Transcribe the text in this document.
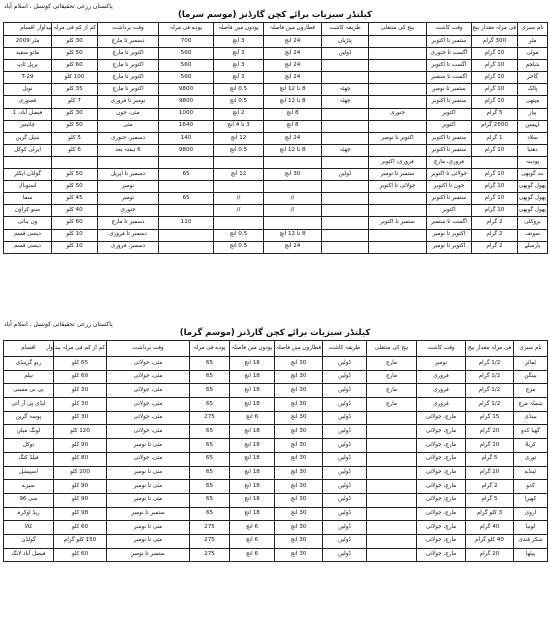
پاکستان زرعی تحقیقاتی کونسل ، اسلام آباد
کیلنڈر سبزیات برائے کچن گارڈنز (موسم سرما)
نام سبزی	فی مرلہ مقدار بیج	وقت کاشت	بیج کی منتقلی	طریقہ کاشت	قطاروں میں فاصلہ	پودوں میں فاصلہ	پودے فی مرلہ	وقت برداشت	کم از کم فی مرلہ پیداوار	اقسام
مٹر	300 گرام	ستمبر تا اکتوبر		پٹڑیاں	24 انچ	3 انچ	700	دسمبر تا مارچ	30 کلو	مٹر 2009
مولی	10 گرام	اگست تا جنوری		ڈولیں	24 انچ	3 انچ	560	اکتوبر تا مارچ	50 کلو	مانو سفید
شلجم	10 گرام	اگست تا اکتوبر			24 انچ	3 انچ	560	اکتوبر تا مارچ	60 کلو	پرپل ٹاپ
گاجر	10 گرام	اگست تا ستمبر			24 انچ	3 انچ	560	اکتوبر تا مارچ	100 کلو	T-29
پالک	10 گرام	ستمبر تا نومبر		چھٹہ	8 تا 12 انچ	0.5 انچ	9800	اکتوبر تا مارچ	35 کلو	نوبل
میتھی	10 گرام	ستمبر تا اکتوبر		چھٹہ	8 تا 12 انچ	0.5 انچ	9800	نومبر تا فروری	7 کلو	قصوری
پیاز	5 گرام	اکتوبر	جنوری		8 انچ	2 انچ	1000	مئی، جون	30 کلو	فیصل آباد، 1
لہسن	2500 گرام	اکتوبر			8 انچ	3 تا 4 انچ	1640	مئی	50 کلو	چائینیز
سلاد	1 گرام	ستمبر تا اکتوبر	اکتوبر تا نومبر		24 انچ	12 انچ	140	دسمبر، جنوری	5 کلو	شیل گرین
دھنیا	10 گرام	ستمبر تا اکتوبر		چھٹہ	8 تا 12 انچ	0.5 انچ	9800	6 ہفتہ بعد	6 کلو	ایرلی کوکل
پودینہ		فروری، مارچ	فروری، اکتوبر							
بند گوبھی	10 گرام	جولائی تا اکتوبر	ستمبر تا نومبر	ڈولیں	30 انچ	12 انچ	65	دسمبر تا اپریل	50 کلو	گولڈن ایکٹر
پھول گوبھی	10 گرام	جون تا اکتوبر	جولائی تا اکتوبر					نومبر	50 کلو	اسنوبال
پھول گوبھی	10 گرام	ستمبر تا اکتوبر			//	//	65	نومبر	45 کلو	سما
پھول گوبھی	10 گرام	اکتوبر			//	//		جنوری	40 کلو	سنو کراؤن
بروکلی	2 گرام	اگست تا ستمبر	ستمبر تا اکتوبر				110	دسمبر تا مارچ	60 کلو	ون ہائی
سونف	2 گرام	اکتوبر تا نومبر			8 تا 12 انچ	0.5 انچ		دسمبر تا فروری	10 کلو	دیسی قسم
پارسلے	2 گرام	اکتوبر تا نومبر			24 انچ	0.5 انچ		دسمبر، فروری	10 کلو	دیسی قسم
پاکستان زرعی تحقیقاتی کونسل ، اسلام آباد
کیلنڈر سبزیات برائے کچن گارڈنز (موسم گرما)
نام سبزی	فی مرلہ مقدار بیج	وقت کاشت	بیج کی منتقلی	طریقہ کاشت	قطاروں میں فاصلہ	پودوں میں فاصلہ	پودے فی مرلہ	وقت برداشت	کم از کم فی مرلہ پیداوار	اقسام
ٹماٹر	1/2 گرام	نومبر	مارچ	ڈولیں	30 انچ	18 انچ	65	مئی، جولائی	65 کلو	ریو گرینڈی
بینگن	1/2 گرام	فروری	مارچ	ڈولیں	30 انچ	18 انچ	65	مئی، جولائی	60 کلو	نیلم
مرچ	1/2 گرام	فروری	مارچ	ڈولیں	30 انچ	18 انچ	65	مئی، جولائی	30 کلو	پی بی مسنی
شملہ مرچ	1/2 گرام	فروری	مارچ	ڈولیں	30 انچ	18 انچ	65	مئی، جولائی	30 کلو	ایڈی پی آر آئی
بینڈی	15 گرام	مارچ، جولائی		ڈولیں	30 انچ	6 انچ	275	مئی، جولائی	30 کلو	پوسہ گرین
گھیا کدو	20 گرام	مارچ، جولائی		ڈولیں	30 انچ	18 انچ	65	مئی، جولائی	120 کلو	لونگ میلن
کریلا	10 گرام	مارچ، جولائی		ڈولیں	30 انچ	18 انچ	65	مئی تا نومبر	90 کلو	نوکل
توری	5 گرام	مارچ، جولائی		ڈولیں	30 انچ	18 انچ	65	مئی، جولائی	80 کلو	فیلڈ کنگ
ٹینڈے	10 گرام	مارچ، جولائی		ڈولیں	30 انچ	18 انچ	65	مئی تا نومبر	200 کلو	اسپیشل
کدو	2 گرام	مارچ، جولائی		ڈولیں	30 انچ	18 انچ	65	مئی تا نومبر	90 کلو	سپرے
کھیرا	5 گرام	مارچ، جولائی		ڈولیں	30 انچ	18 انچ	65	مئی تا نومبر	90 کلو	سی 96
اروی	3 کلو گرام	مارچ، جولائی		ڈولیں	30 انچ	18 انچ	65	ستمبر تا نومبر	98 کلو	ریڈ اوکرہ
لوبیا	40 گرام	مارچ، جولائی		ڈولیں	30 انچ	6 انچ	275	مئی تا نومبر	60 کلو	کالا
شکر قندی	40 کلو گرام	مارچ، جولائی		ڈولیں	30 انچ	6 انچ	275	مئی تا نومبر	150 کلو گرام	گولڈن
پیٹھا	20 گرام	مارچ، جولائی		ڈولیں	30 انچ	6 انچ	275	ستمبر تا نومبر	60 کلو	فیصل آباد لانگ
